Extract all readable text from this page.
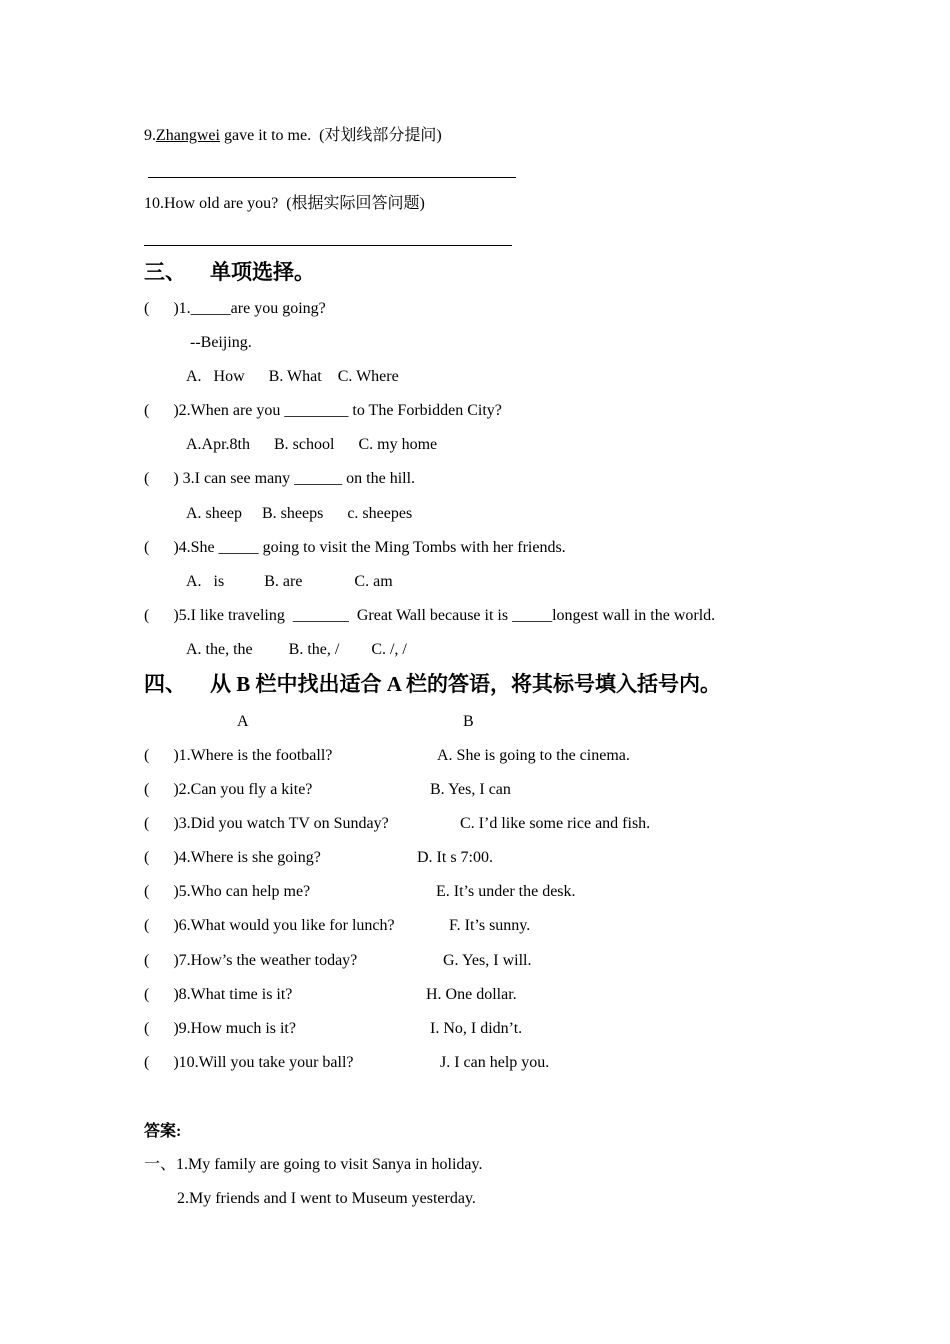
9.Zhangwei gave it to me.  (对划线部分提问)
10.How old are you?  (根据实际回答问题)
三、 单项选择。
(      )1._____are you going?
--Beijing.
A.   How      B. What    C. Where
(      )2.When are you ________ to The Forbidden City?
A.Apr.8th      B. school      C. my home
(      ) 3.I can see many ______ on the hill.
A. sheep     B. sheeps      c. sheepes
(      )4.She _____ going to visit the Ming Tombs with her friends.
A.   is          B. are             C. am
(      )5.I like traveling  _______  Great Wall because it is _____longest wall in the world.
A. the, the         B. the, /        C. /, /
四、 从 B 栏中找出适合 A 栏的答语，将其标号填入括号内。
A	B
(      )1.Where is the football?	A. She is going to the cinema.
(      )2.Can you fly a kite?	B. Yes, I can
(      )3.Did you watch TV on Sunday?	C. I’d like some rice and fish.
(      )4.Where is she going?	D. It s 7:00.
(      )5.Who can help me?	E. It’s under the desk.
(      )6.What would you like for lunch?	F. It’s sunny.
(      )7.How’s the weather today?	G. Yes, I will.
(      )8.What time is it?	H. One dollar.
(      )9.How much is it?	I. No, I didn’t.
(      )10.Will you take your ball?	J. I can help you.
答案:
一、1.My family are going to visit Sanya in holiday.
2.My friends and I went to Museum yesterday.
